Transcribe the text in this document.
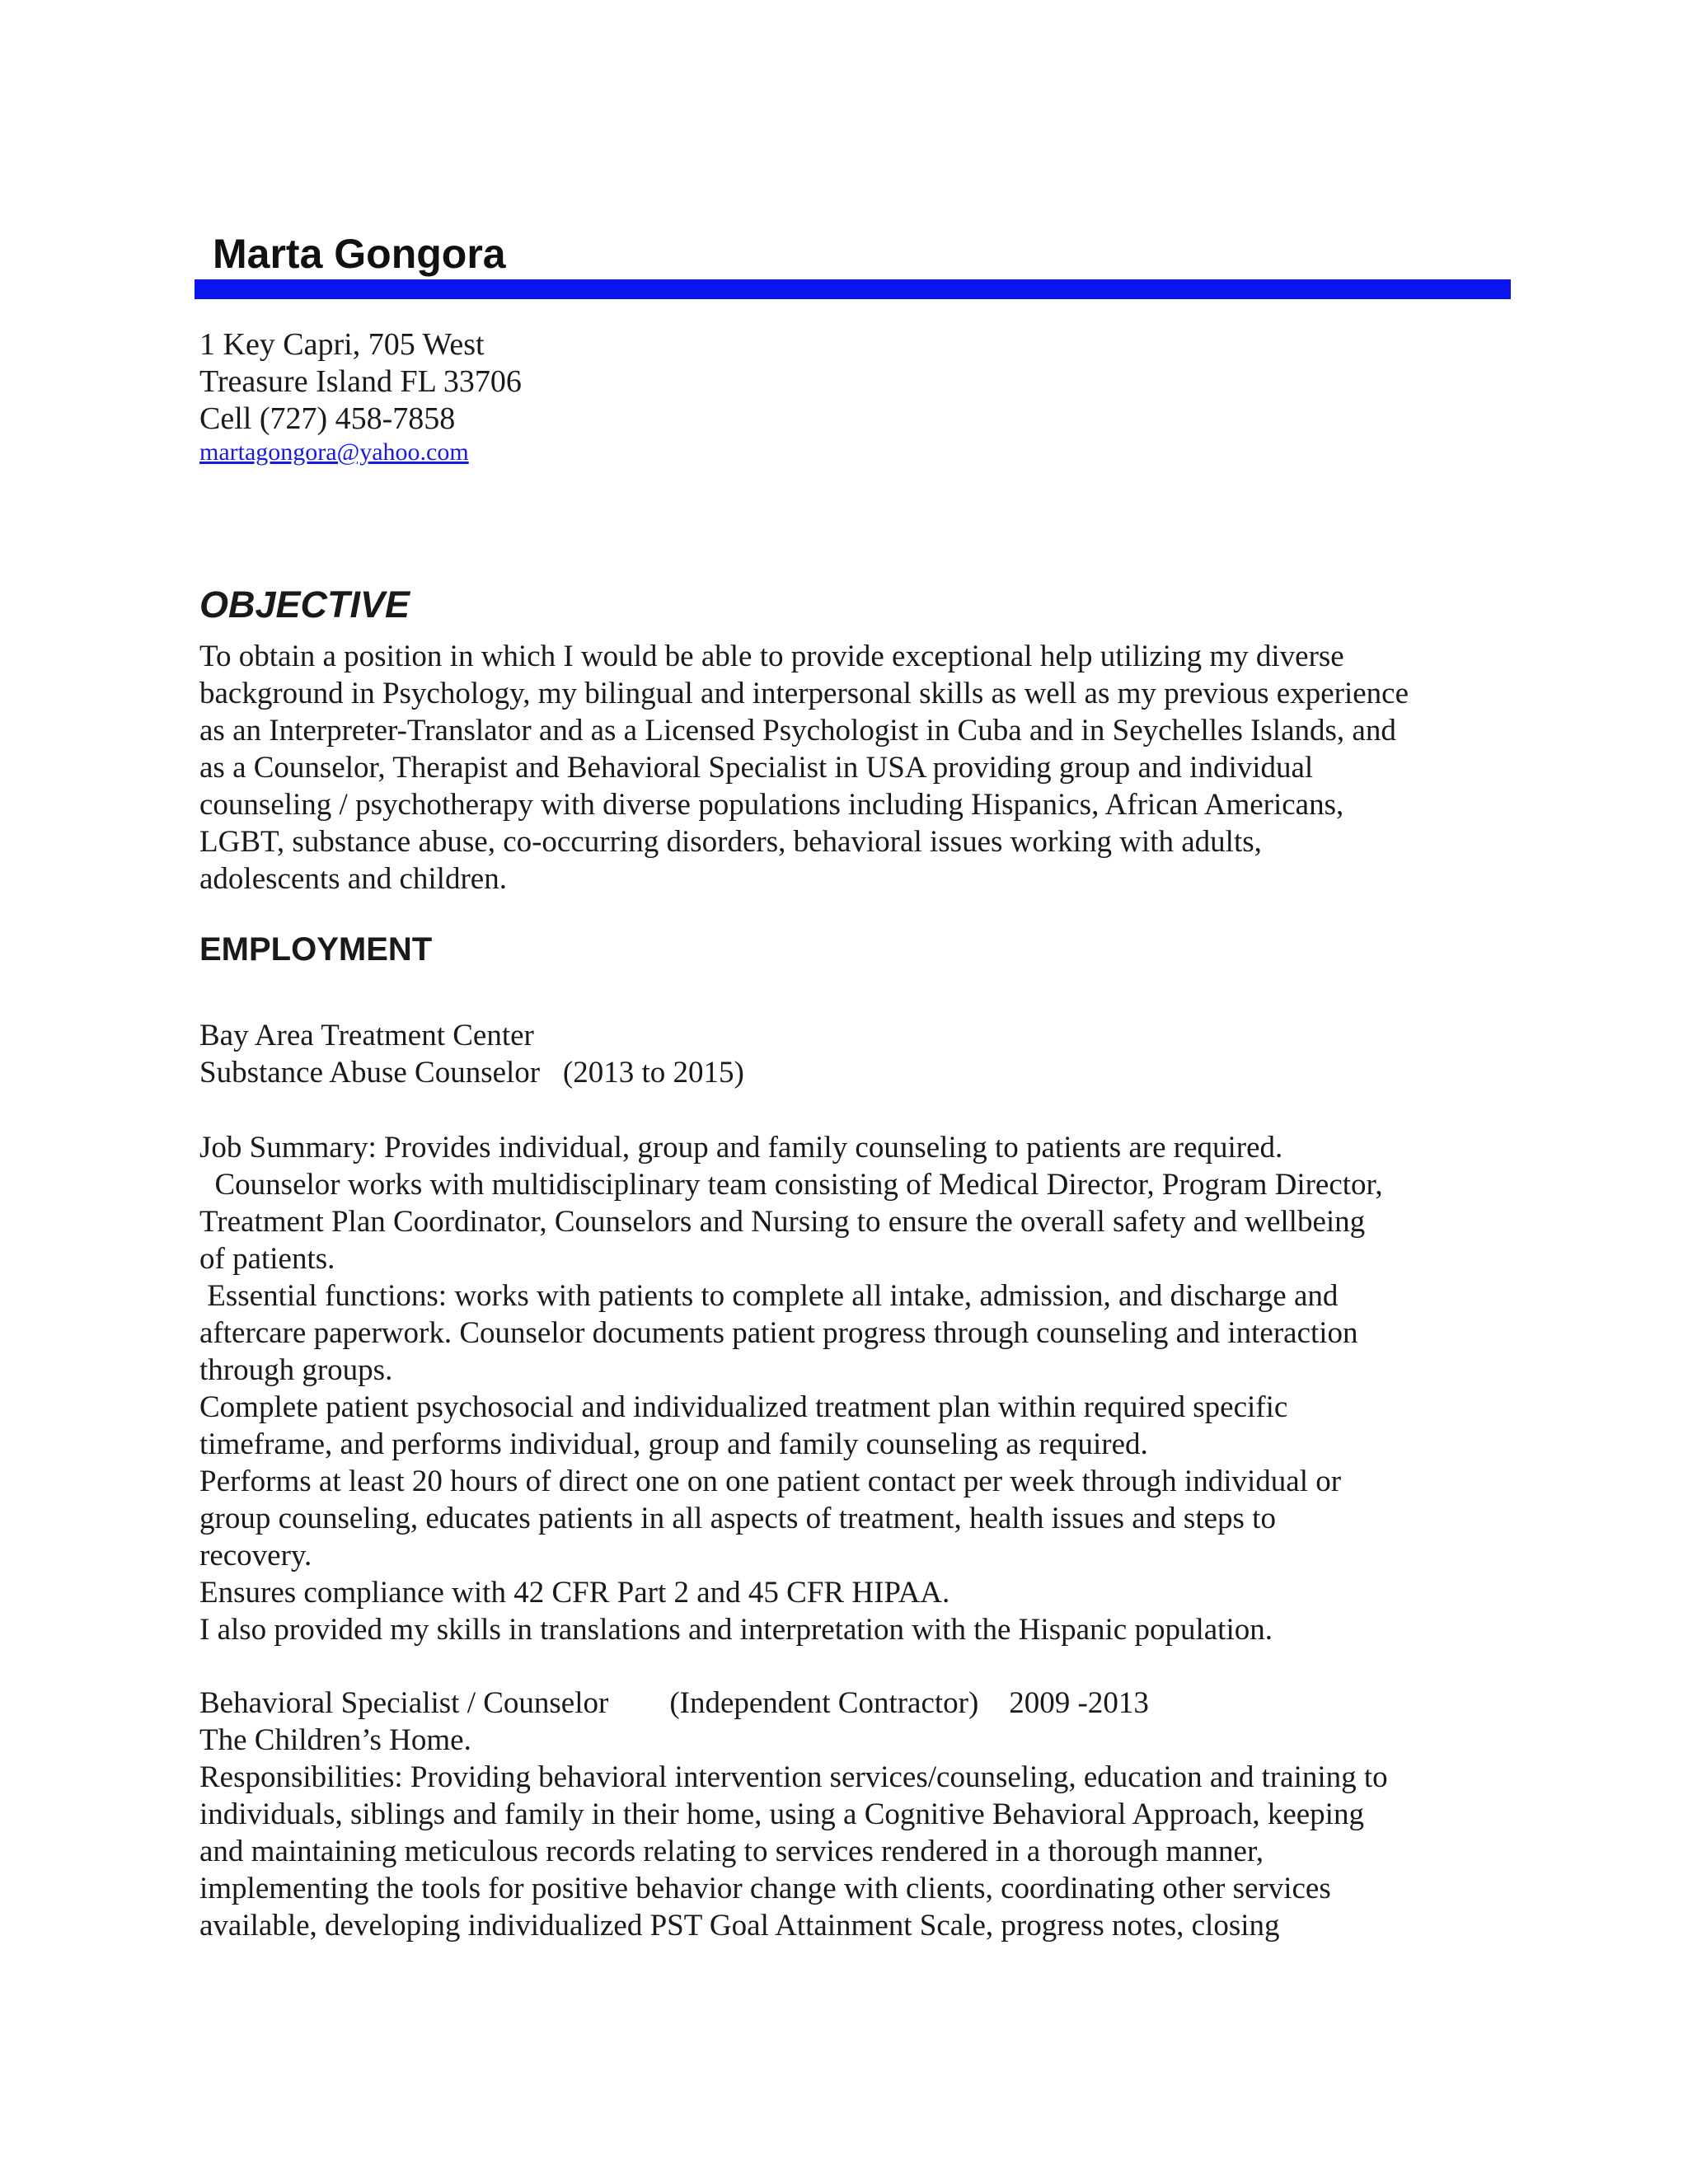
Marta Gongora
1 Key Capri, 705 West
Treasure Island FL 33706
Cell (727) 458-7858
martagongora@yahoo.com
OBJECTIVE
To obtain a position in which I would be able to provide exceptional help utilizing my diverse
background in Psychology, my bilingual and interpersonal skills as well as my previous experience
as an Interpreter-Translator and as a Licensed Psychologist in Cuba and in Seychelles Islands, and
as a Counselor, Therapist and Behavioral Specialist in USA providing group and individual
counseling / psychotherapy with diverse populations including Hispanics, African Americans,
LGBT, substance abuse, co-occurring disorders, behavioral issues working with adults,
adolescents and children.
EMPLOYMENT
Bay Area Treatment Center
Substance Abuse Counselor   (2013 to 2015)
Job Summary: Provides individual, group and family counseling to patients are required.
Counselor works with multidisciplinary team consisting of Medical Director, Program Director,
Treatment Plan Coordinator, Counselors and Nursing to ensure the overall safety and wellbeing
of patients.
Essential functions: works with patients to complete all intake, admission, and discharge and
aftercare paperwork. Counselor documents patient progress through counseling and interaction
through groups.
Complete patient psychosocial and individualized treatment plan within required specific
timeframe, and performs individual, group and family counseling as required.
Performs at least 20 hours of direct one on one patient contact per week through individual or
group counseling, educates patients in all aspects of treatment, health issues and steps to
recovery.
Ensures compliance with 42 CFR Part 2 and 45 CFR HIPAA.
I also provided my skills in translations and interpretation with the Hispanic population.
Behavioral Specialist / Counselor        (Independent Contractor)    2009 -2013
The Children’s Home.
Responsibilities: Providing behavioral intervention services/counseling, education and training to
individuals, siblings and family in their home, using a Cognitive Behavioral Approach, keeping
and maintaining meticulous records relating to services rendered in a thorough manner,
implementing the tools for positive behavior change with clients, coordinating other services
available, developing individualized PST Goal Attainment Scale, progress notes, closing
